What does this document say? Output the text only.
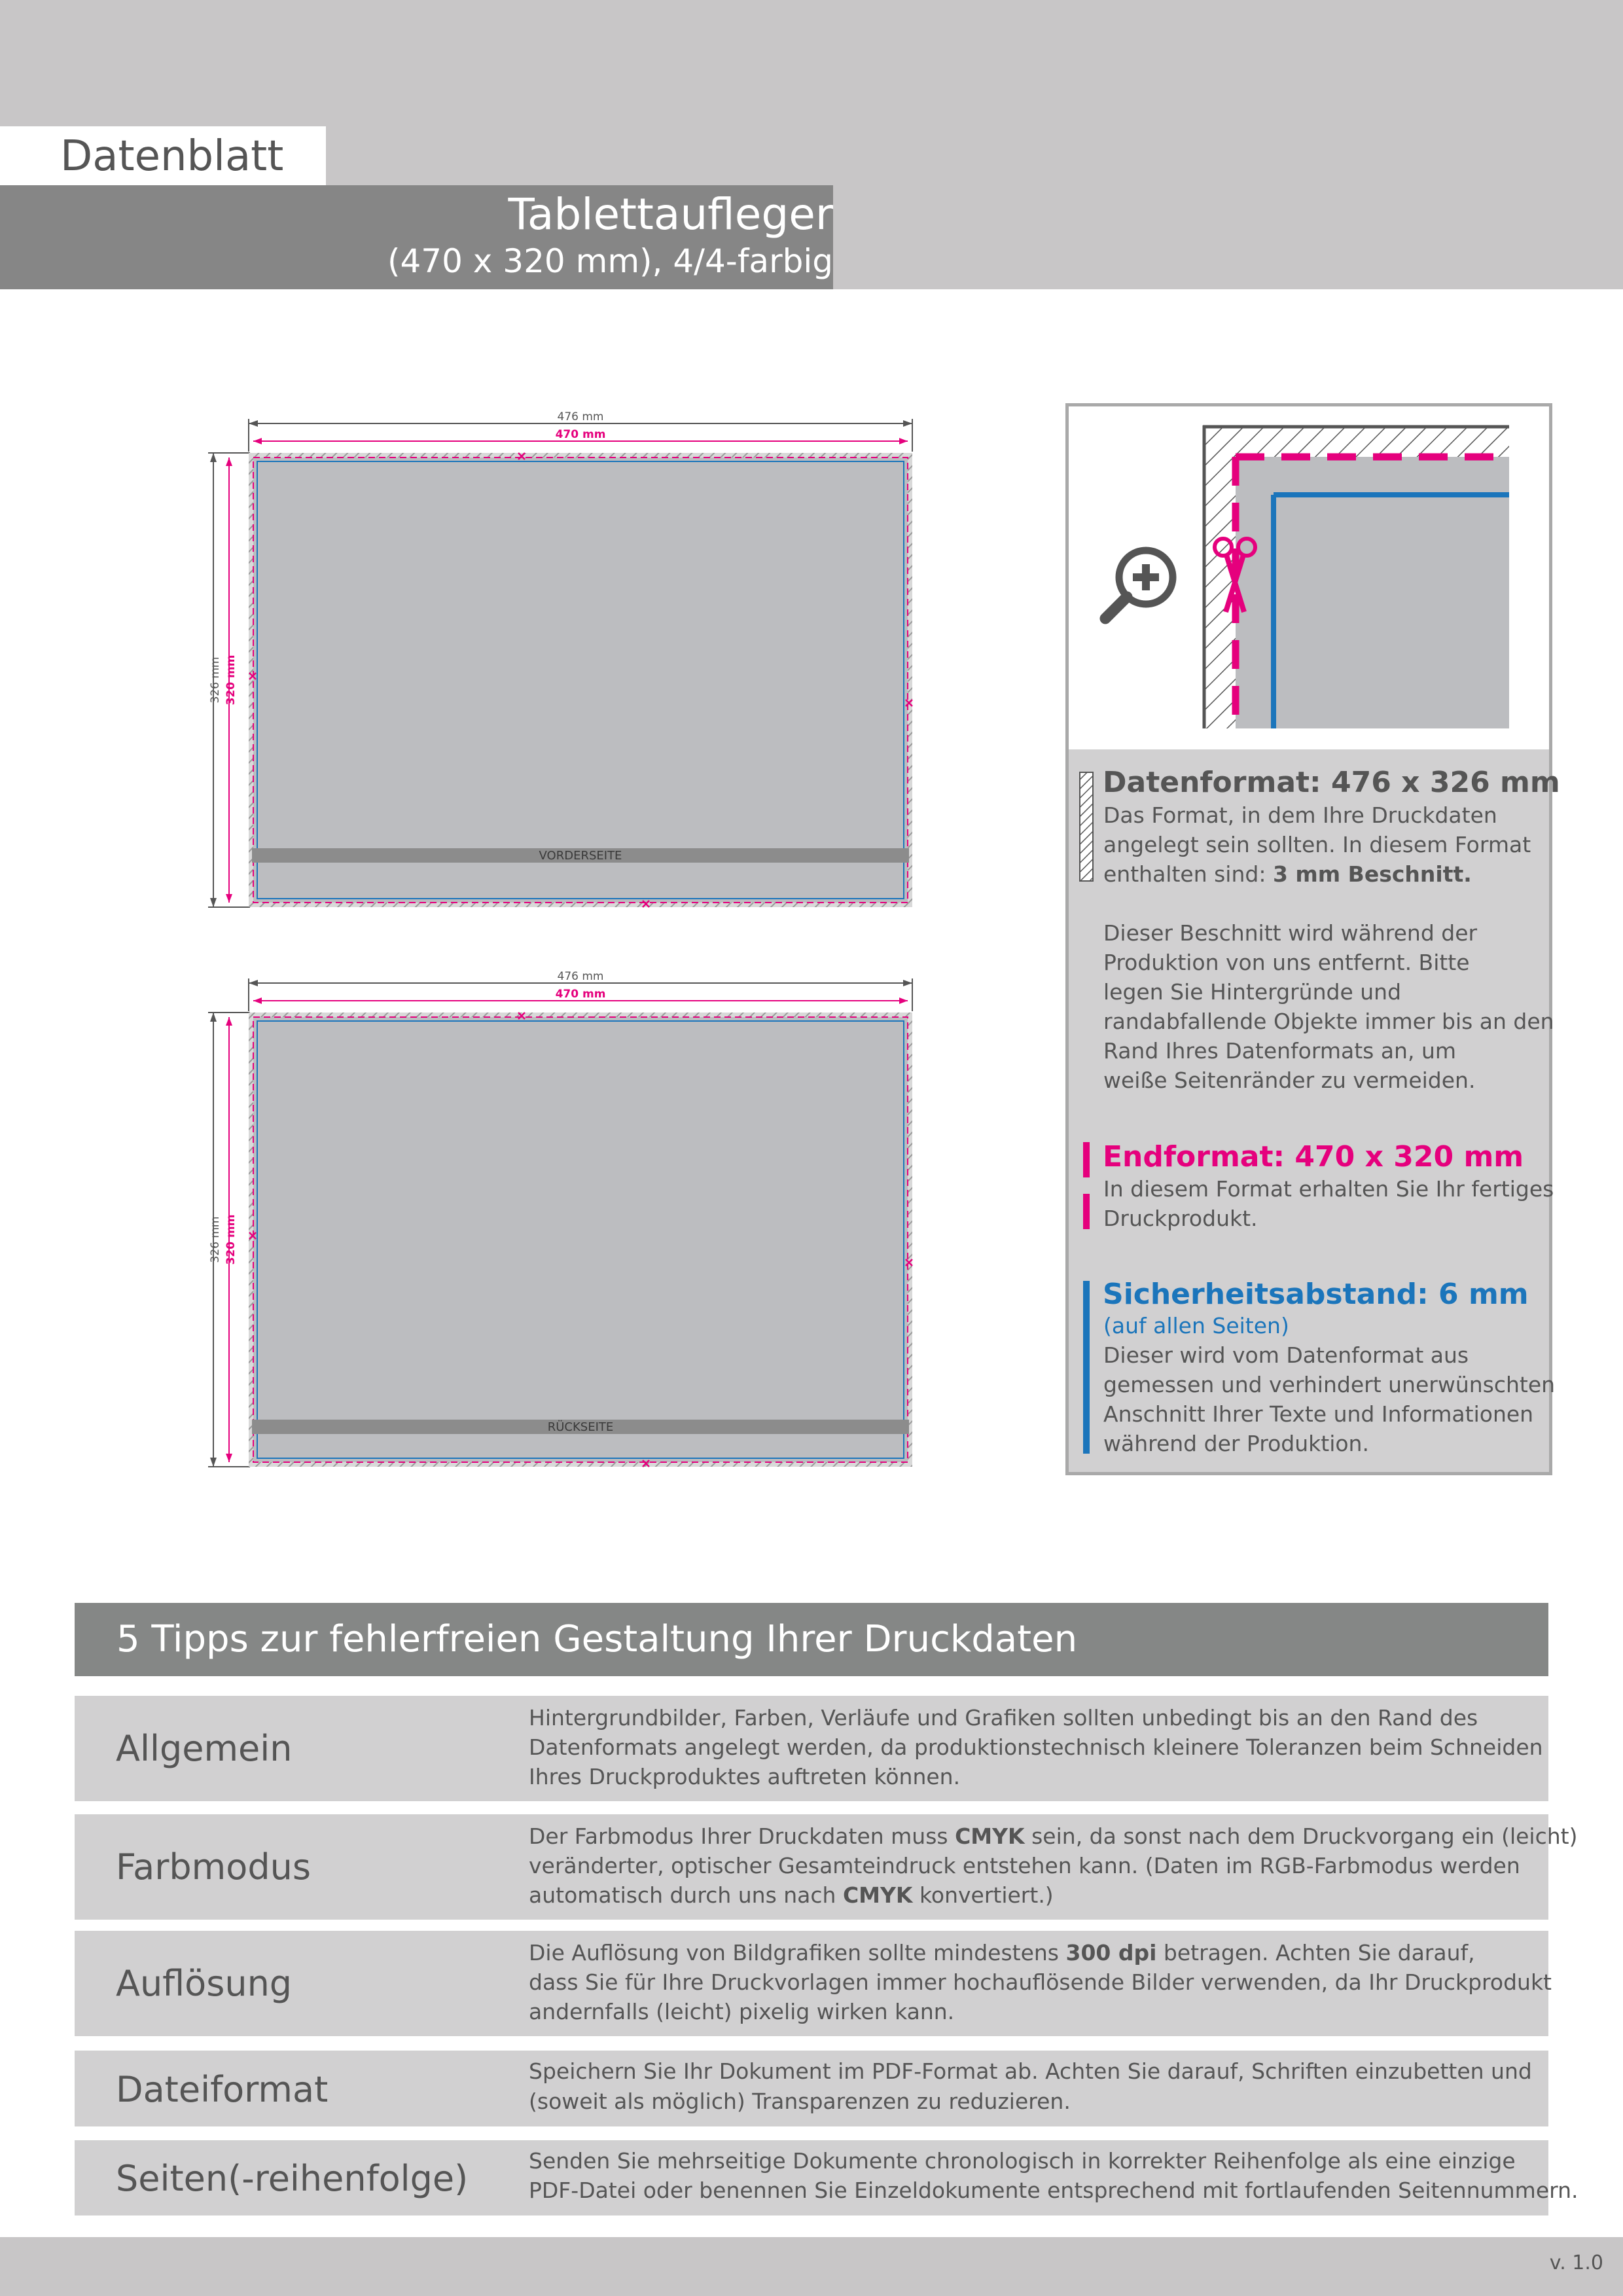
Datenblatt
Tablettaufleger
(470 x 320 mm), 4/4-farbig
476 mm
470 mm
326 mm 320 mm
VORDERSEITE
476 mm
470 mm
326 mm 320 mm
RÜCKSEITE
Datenformat: 476 x 326 mm
Das Format, in dem Ihre Druckdaten
angelegt sein sollten. In diesem Format
enthalten sind: 3 mm Beschnitt.
Dieser Beschnitt wird während der
Produktion von uns entfernt. Bitte
legen Sie Hintergründe und
randabfallende Objekte immer bis an den
Rand Ihres Datenformats an, um
weiße Seitenränder zu vermeiden.
Endformat: 470 x 320 mm
In diesem Format erhalten Sie Ihr fertiges
Druckprodukt.
Sicherheitsabstand: 6 mm
(auf allen Seiten)
Dieser wird vom Datenformat aus
gemessen und verhindert unerwünschten
Anschnitt Ihrer Texte und Informationen
während der Produktion.
5 Tipps zur fehlerfreien Gestaltung Ihrer Druckdaten
Allgemein
Hintergrundbilder, Farben, Verläufe und Grafiken sollten unbedingt bis an den Rand des
Datenformats angelegt werden, da produktionstechnisch kleinere Toleranzen beim Schneiden
Ihres Druckproduktes auftreten können.
Farbmodus
Der Farbmodus Ihrer Druckdaten muss CMYK sein, da sonst nach dem Druckvorgang ein (leicht)
veränderter, optischer Gesamteindruck entstehen kann. (Daten im RGB-Farbmodus werden
automatisch durch uns nach CMYK konvertiert.)
Auflösung
Die Auflösung von Bildgrafiken sollte mindestens 300 dpi betragen. Achten Sie darauf,
dass Sie für Ihre Druckvorlagen immer hochauflösende Bilder verwenden, da Ihr Druckprodukt
andernfalls (leicht) pixelig wirken kann.
Dateiformat	Speichern Sie Ihr Dokument im PDF-Format ab. Achten Sie darauf, Schriften einzubetten und
(soweit als möglich) Transparenzen zu reduzieren.
Seiten(-reihenfolge)	Senden Sie mehrseitige Dokumente chronologisch in korrekter Reihenfolge als eine einzige
PDF-Datei oder benennen Sie Einzeldokumente entsprechend mit fortlaufenden Seitennummern.
v. 1.0
